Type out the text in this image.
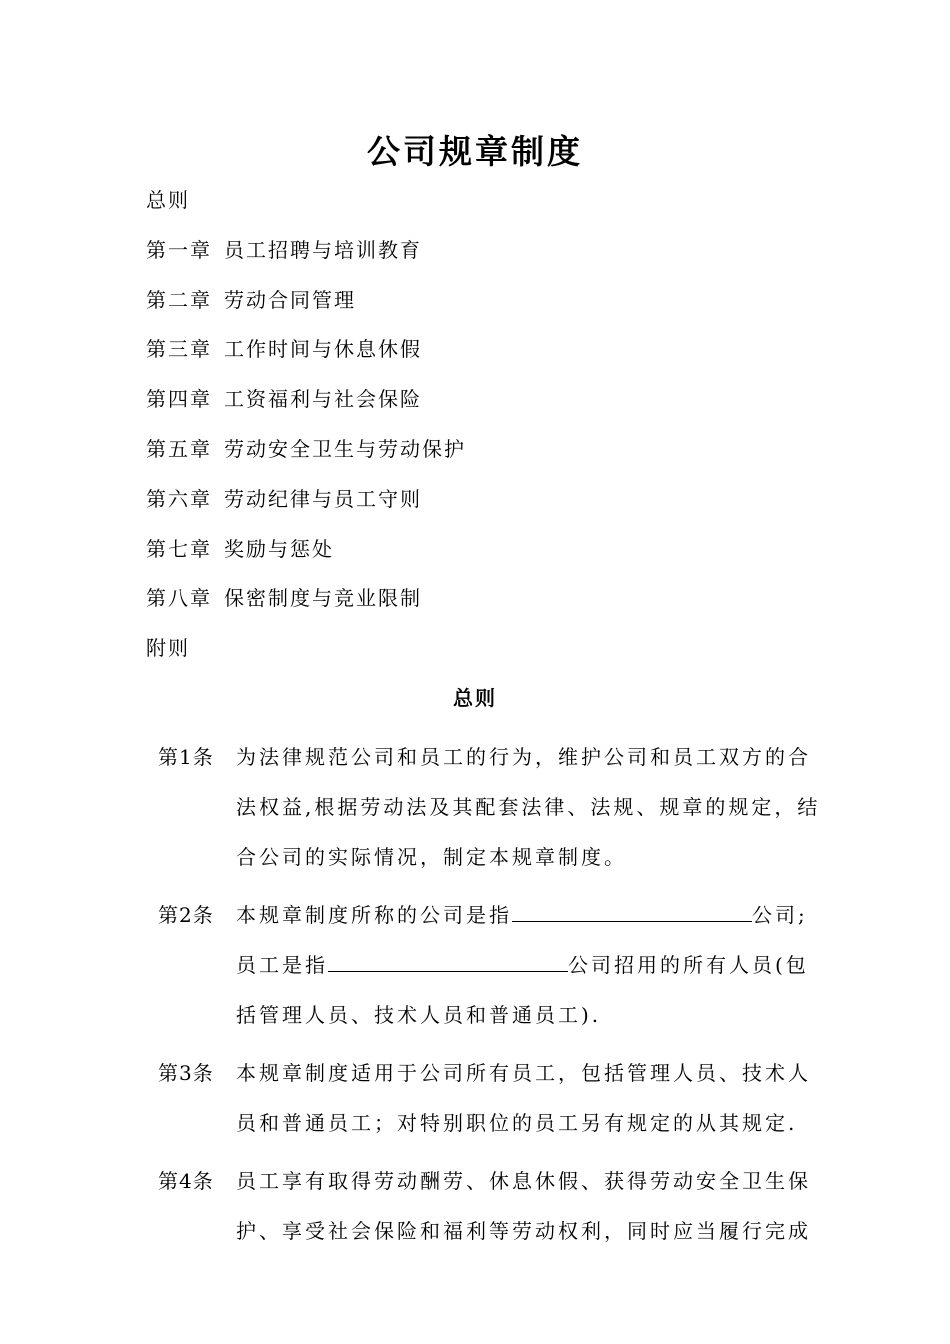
公司规章制度
总则
第一章 员工招聘与培训教育
第二章 劳动合同管理
第三章 工作时间与休息休假
第四章 工资福利与社会保险
第五章 劳动安全卫生与劳动保护
第六章 劳动纪律与员工守则
第七章 奖励与惩处
第八章 保密制度与竞业限制
附则
总则
第1条 为法律规范公司和员工的行为，维护公司和员工双方的合
法权益,根据劳动法及其配套法律、法规、规章的规定，结
合公司的实际情况，制定本规章制度。
第2条 本规章制度所称的公司是指	公司;
员工是指	公司招用的所有人员(包
括管理人员、技术人员和普通员工).
第3条 本规章制度适用于公司所有员工，包括管理人员、技术人
员和普通员工；对特别职位的员工另有规定的从其规定.
第4条 员工享有取得劳动酬劳、休息休假、获得劳动安全卫生保
护、享受社会保险和福利等劳动权利，同时应当履行完成
